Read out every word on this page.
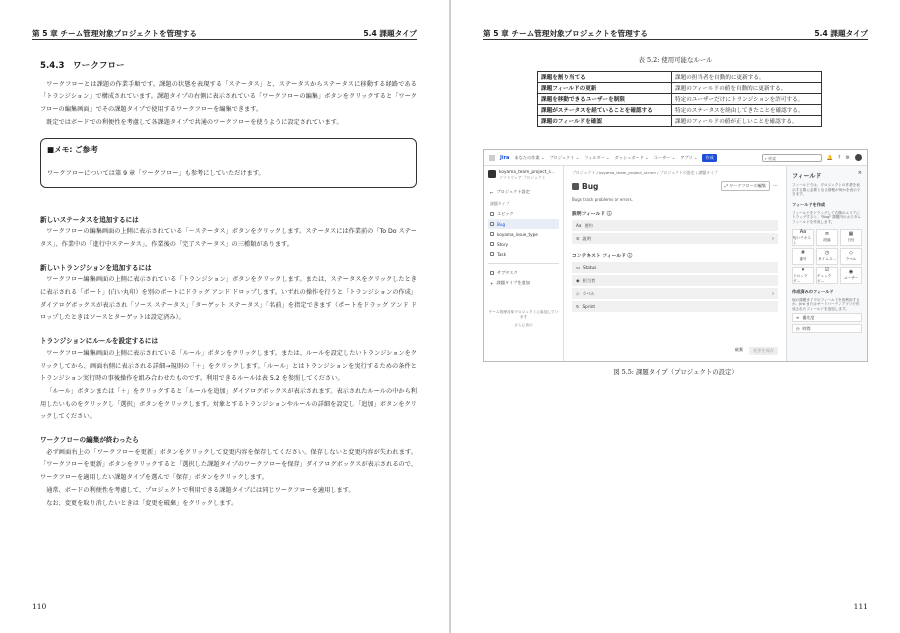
第 5 章 チーム管理対象プロジェクトを管理する	5.4 課題タイプ
5.4.3　ワークフロー

ワークフローとは課題の作業手順です。課題の状態を表現する「ステータス」と、ステータスからステータスに移動する経路である「トランジション」で構成されています。課題タイプの右側に表示されている「ワークフローの編集」ボタンをクリックすると「ワークフローの編集画面」でその課題タイプで使用するワークフローを編集できます。

既定ではボードでの利便性を考慮して各課題タイプで共通のワークフローを使うように設定されています。

■メモ: ご参考
ワークフローについては第 9 章「ワークフロー」も参考にしていただけます。
新しいステータスを追加するには

ワークフローの編集画面の上側に表示されている「〜ステータス」ボタンをクリックします。ステータスには作業前の「To Do ステータス」、作業中の「進行中ステータス」、作業後の「完了ステータス」の三種類があります。

新しいトランジションを追加するには

ワークフロー編集画面の上側に表示されている「トランジション」ボタンをクリックします。または、ステータスをクリックしたときに表示される「ポート」(白い丸印）を別のポートにドラッグ アンド ドロップします。いずれの操作を行うと「トランジションの作成」ダイアログボックスが表示され「ソース ステータス」「ターゲット ステータス」「名前」を指定できます（ポートをドラッグ アンド ドロップしたときはソースとターゲットは設定済み）。

トランジションにルールを設定するには

ワークフロー編集画面の上側に表示されている「ルール」ボタンをクリックします。または、ルールを設定したいトランジションをクリックしてから、画面右側に表示される詳細→規則の「＋」をクリックします。「ルール」とはトランジションを実行するための条件とトランジション実行時の事後操作を組み合わせたものです。利用できるルールは表 5.2 を参照してください。

「ルール」ボタンまたは「＋」をクリックすると「ルールを追加」ダイアログボックスが表示されます。表示されたルールの中から利用したいものをクリックし「選択」ボタンをクリックします。対象とするトランジションやルールの詳細を設定し「追加」ボタンをクリックしてください。

ワークフローの編集が終わったら

必ず画面右上の「ワークフローを更新」ボタンをクリックして変更内容を保存してください。保存しないと変更内容が失われます。「ワークフローを更新」ボタンをクリックすると「選択した課題タイプのワークフローを保存」ダイアログボックスが表示されるので、ワークフローを適用したい課題タイプを選んで「保存」ボタンをクリックします。

通常、ボードの利便性を考慮して、プロジェクトで利用できる課題タイプには同じワークフローを適用します。

なお、変更を取り消したいときは「変更を破棄」をクリックします。

110
第 5 章 チーム管理対象プロジェクトを管理する	5.4 課題タイプ
表 5.2: 使用可能なルール
課題を割り当てる	課題の担当者を自動的に更新する。
課題フィールドの更新	課題のフィールドの値を自動的に更新する。
課題を移動できるユーザーを制限	特定のユーザーだけにトランジションを許可する。
課題がステータスを経ていることを確認する	特定のステータスを経由してきたことを確認する。
課題のフィールドを確認	課題のフィールドの値が正しいことを確認する。
Jira あなたの作業 ⌄ プロジェクト ⌄ フィルター ⌄ ダッシュボード ⌄ ユーザー ⌄ アプリ ⌄	作成	⌕ 検索	🔔 ? ⚙
koyama_team_project_s...
ソフトウェア プロジェクト
← プロジェクト設定
課題タイプ
エピック
Bug
koyama_issue_type
Story
Task
サブタスク
+ 課題タイプを追加
チーム管理対象プロジェクトに参加しています
さらに表示
プロジェクト / koyama_team_project_scrum / プロジェクトの設定 / 課題タイプ
Bug	⤢ ワークフローの編集	⋯
Bugs track problems or errors.
説明フィールド ⓘ
Aa 要約
≡ 説明	›
コンテキスト フィールド ⓘ
▭ Status
◉ 担当者
◇ ラベル	›
↻ Sprint
破棄	変更を保存
フィールド	×
フィールドでは、プロジェクトの作業を表示する際に必要となる情報が何かを表示できます。
フィールドを作成
フィールドをドラッグして右側のエリアにドラッグすると、"Bug" 課題内のカスタムフィールドを作成します。
Aa
短いテキスト
≡
段落
▦
日付
#
番号
◷
タイムス...
◇
ラベル
▾
ドロップダ...
☑
チェックボ...
◉
ユーザー
作成済みのフィールド
他の課題タイプのフィールドを再利用するか、Jira またはサードパーティアプリで作成されたフィールドを追加します。
≡ 優先度
◷ 時間
図 5.5: 課題タイプ（プロジェクトの設定）
111
